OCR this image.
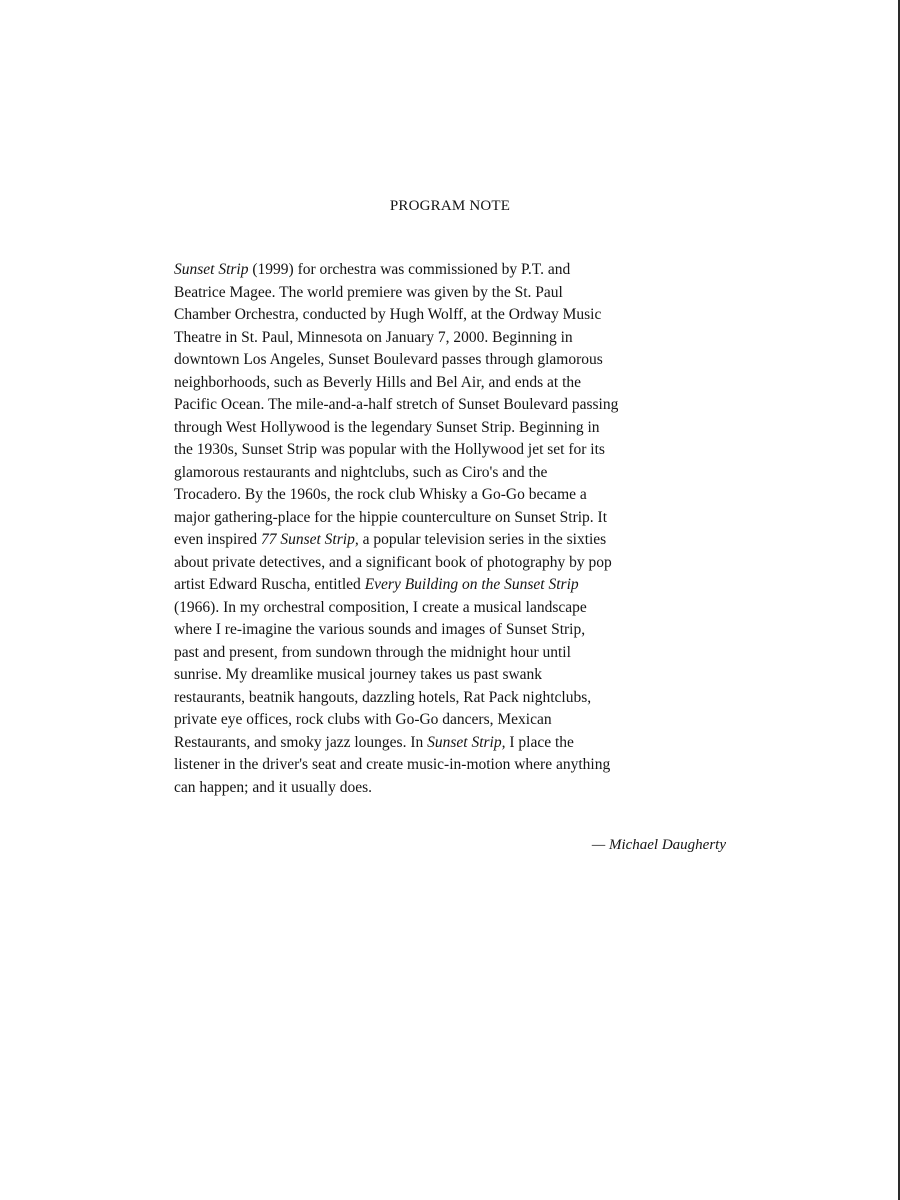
PROGRAM NOTE
Sunset Strip (1999) for orchestra was commissioned by P.T. and
Beatrice Magee. The world premiere was given by the St. Paul
Chamber Orchestra, conducted by Hugh Wolff, at the Ordway Music
Theatre in St. Paul, Minnesota on January 7, 2000. Beginning in
downtown Los Angeles, Sunset Boulevard passes through glamorous
neighborhoods, such as Beverly Hills and Bel Air, and ends at the
Pacific Ocean. The mile-and-a-half stretch of Sunset Boulevard passing
through West Hollywood is the legendary Sunset Strip. Beginning in
the 1930s, Sunset Strip was popular with the Hollywood jet set for its
glamorous restaurants and nightclubs, such as Ciro's and the
Trocadero. By the 1960s, the rock club Whisky a Go-Go became a
major gathering-place for the hippie counterculture on Sunset Strip. It
even inspired 77 Sunset Strip, a popular television series in the sixties
about private detectives, and a significant book of photography by pop
artist Edward Ruscha, entitled Every Building on the Sunset Strip
(1966). In my orchestral composition, I create a musical landscape
where I re-imagine the various sounds and images of Sunset Strip,
past and present, from sundown through the midnight hour until
sunrise. My dreamlike musical journey takes us past swank
restaurants, beatnik hangouts, dazzling hotels, Rat Pack nightclubs,
private eye offices, rock clubs with Go-Go dancers, Mexican
Restaurants, and smoky jazz lounges. In Sunset Strip, I place the
listener in the driver's seat and create music-in-motion where anything
can happen; and it usually does.
— Michael Daugherty
